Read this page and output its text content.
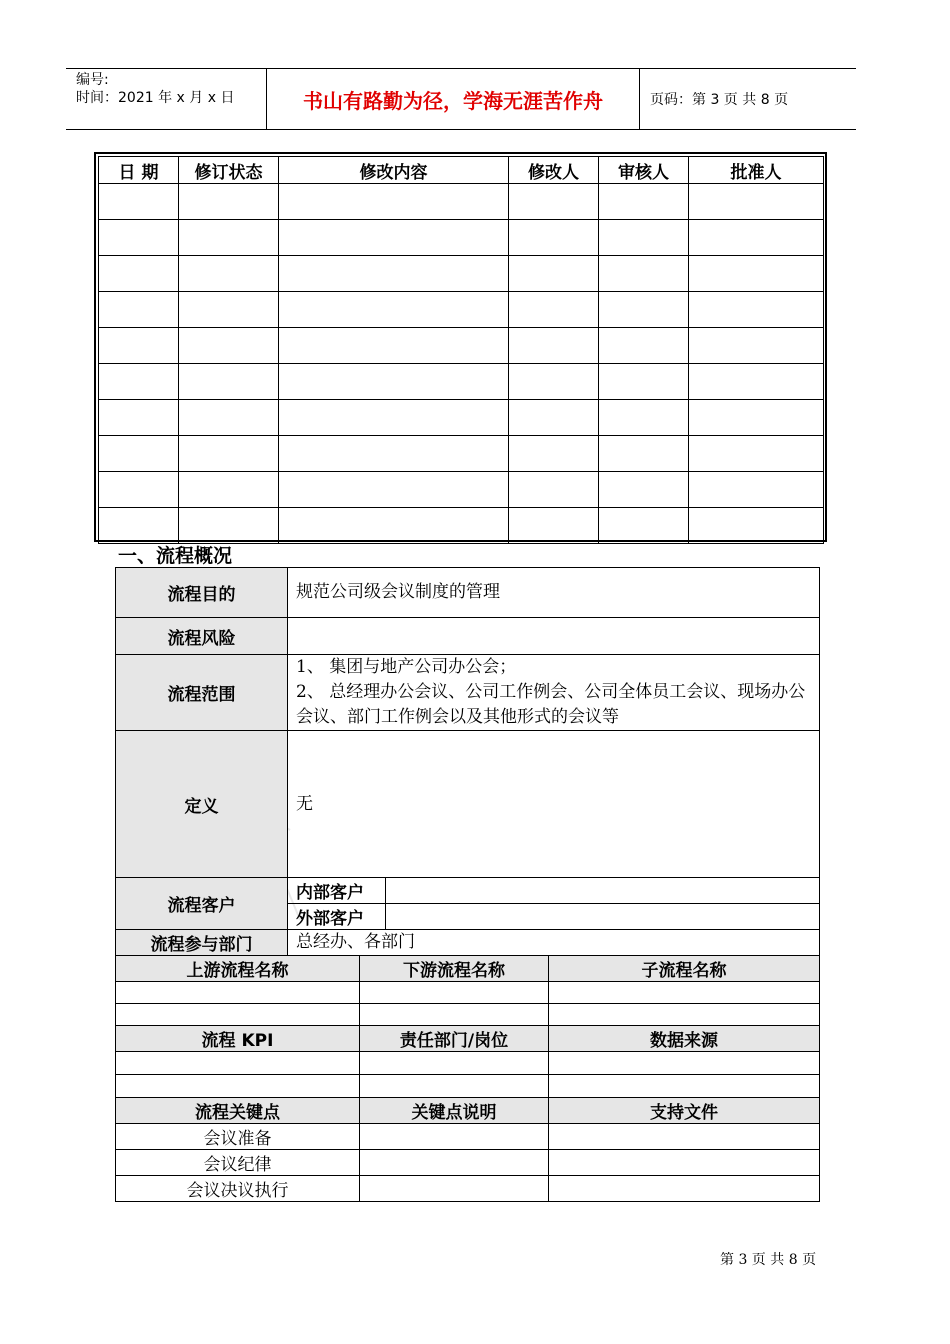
编号:
时间：2021 年 x 月 x 日	书山有路勤为径，学海无涯苦作舟	页码：第 3 页 共 8 页
日 期	修订状态	修改内容	修改人	审核人	批准人

一、流程概况
流程目的	规范公司级会议制度的管理			
流程风险				
流程范围	1、 集团与地产公司办公会；
2、 总经理办公会议、公司工作例会、公司全体员工会议、现场办公会议、部门工作例会以及其他形式的会议等			

定义	无			
流程客户	内部客户			
	外部客户			
流程参与部门	总经办、各部门			
上游流程名称		下游流程名称		子流程名称

流程 KPI		责任部门/岗位		数据来源

流程关键点		关键点说明		支持文件
会议准备				
会议纪律				
会议决议执行				
第 3 页 共 8 页
